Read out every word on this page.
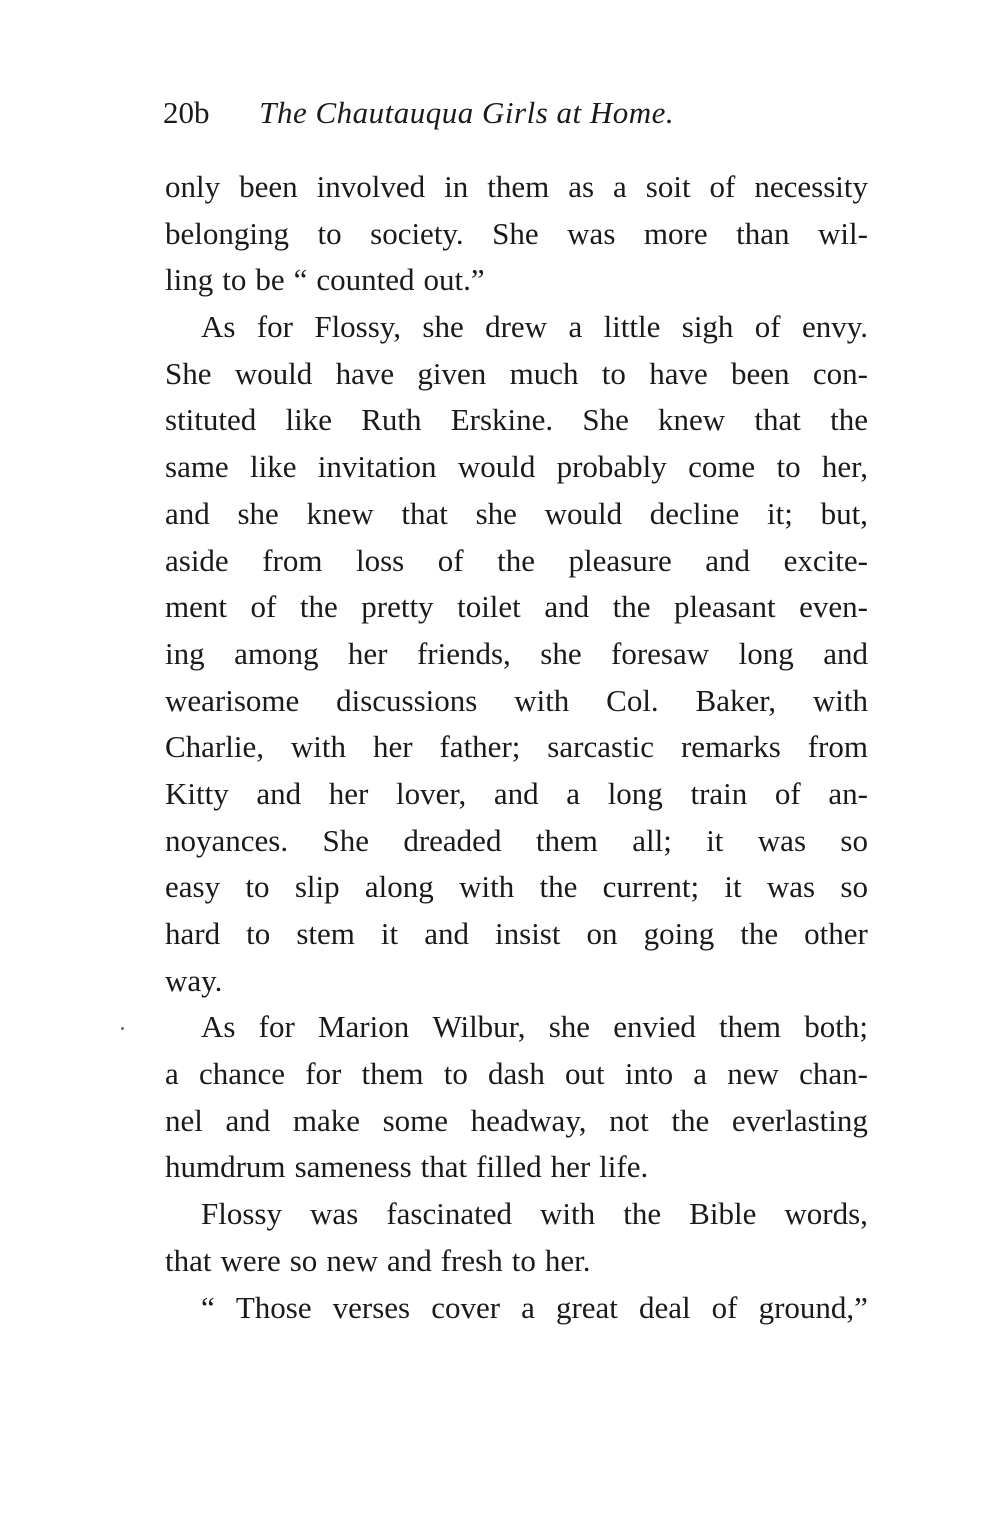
20b The Chautauqua Girls at Home.
only been involved in them as a soit of necessity
belonging to society. She was more than wil-
ling to be “ counted out.”
As for Flossy, she drew a little sigh of envy.
She would have given much to have been con-
stituted like Ruth Erskine. She knew that the
same like invitation would probably come to her,
and she knew that she would decline it; but,
aside from loss of the pleasure and excite-
ment of the pretty toilet and the pleasant even-
ing among her friends, she foresaw long and
wearisome discussions with Col. Baker, with
Charlie, with her father; sarcastic remarks from
Kitty and her lover, and a long train of an-
noyances. She dreaded them all; it was so
easy to slip along with the current; it was so
hard to stem it and insist on going the other
way.
As for Marion Wilbur, she envied them both;
a chance for them to dash out into a new chan-
nel and make some headway, not the everlasting
humdrum sameness that filled her life.
Flossy was fascinated with the Bible words,
that were so new and fresh to her.
“ Those verses cover a great deal of ground,”
